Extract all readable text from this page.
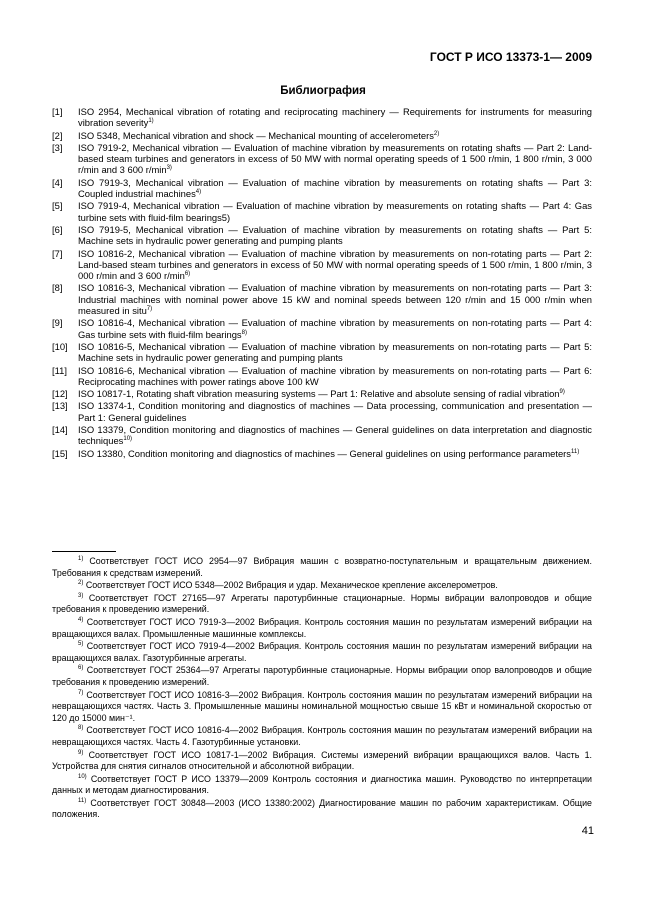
ГОСТ Р ИСО 13373-1— 2009
Библиография
[1]	ISO 2954, Mechanical vibration of rotating and reciprocating machinery — Requirements for instruments for measuring vibration severity$^{1)}$
[2]	ISO 5348, Mechanical vibration and shock — Mechanical mounting of accelerometers$^{2)}$
[3]	ISO 7919-2, Mechanical vibration — Evaluation of machine vibration by measurements on rotating shafts — Part 2: Land-based steam turbines and generators in excess of 50 MW with normal operating speeds of 1 500 r/min, 1 800 r/min, 3 000 r/min and 3 600 $r/\min^{3)}$
[4]	ISO 7919-3, Mechanical vibration — Evaluation of machine vibration by measurements on rotating shafts — Part 3: Coupled industrial machines$^{4)}$
[5]	ISO 7919-4, Mechanical vibration — Evaluation of machine vibration by measurements on rotating shafts — Part 4: Gas turbine sets with fluid-film bearings5)
[6]	ISO 7919-5, Mechanical vibration — Evaluation of machine vibration by measurements on rotating shafts — Part 5: Machine sets in hydraulic power generating and pumping plants
[7]	ISO 10816-2, Mechanical vibration — Evaluation of machine vibration by measurements on non-rotating parts — Part 2: Land-based steam turbines and generators in excess of 50 MW with normal operating speeds of 1 500 r/min, 1 800 r/min, 3 000 r/min and 3 600 $r/\min^{6)}$
[8]	ISO 10816-3, Mechanical vibration — Evaluation of machine vibration by measurements on non-rotating parts — Part 3: Industrial machines with nominal power above 15 kW and nominal speeds between 120 r/min and 15 000 r/min when measured in situ$^{7)}$
[9]	ISO 10816-4, Mechanical vibration — Evaluation of machine vibration by measurements on non-rotating parts — Part 4: Gas turbine sets with fluid-film bearings$^{8)}$
[10]	ISO 10816-5, Mechanical vibration — Evaluation of machine vibration by measurements on non-rotating parts — Part 5: Machine sets in hydraulic power generating and pumping plants
[11]	ISO 10816-6, Mechanical vibration — Evaluation of machine vibration by measurements on non-rotating parts — Part 6: Reciprocating machines with power ratings above 100 kW
[12]	ISO 10817-1, Rotating shaft vibration measuring systems — Part 1: Relative and absolute sensing of radial vibration$^{9)}$
[13]	ISO 13374-1, Condition monitoring and diagnostics of machines — Data processing, communication and presentation — Part 1: General guidelines
[14]	ISO 13379, Condition monitoring and diagnostics of machines — General guidelines on data interpretation and diagnostic techniques$^{10)}$
[15]	ISO 13380, Condition monitoring and diagnostics of machines — General guidelines on using performance parameters$^{11)}$
$^{1)}$ Соответствует ГОСТ ИСО 2954—97 Вибрация машин с возвратно-поступательным и вращательным движением. Требования к средствам измерений.
$^{2)}$ Соответствует ГОСТ ИСО 5348—2002 Вибрация и удар. Механическое крепление акселерометров.
$^{3)}$ Соответствует ГОСТ 27165—97 Агрегаты паротурбинные стационарные. Нормы вибрации валопроводов и общие требования к проведению измерений.
$^{4)}$ Соответствует ГОСТ ИСО 7919-3—2002 Вибрация. Контроль состояния машин по результатам измерений вибрации на вращающихся валах. Промышленные машинные комплексы.
$^{5)}$ Соответствует ГОСТ ИСО 7919-4—2002 Вибрация. Контроль состояния машин по результатам измерений вибрации на вращающихся валах. Газотурбинные агрегаты.
$^{6)}$ Соответствует ГОСТ 25364—97 Агрегаты паротурбинные стационарные. Нормы вибрации опор валопроводов и общие требования к проведению измерений.
$^{7)}$ Соответствует ГОСТ ИСО 10816-3—2002 Вибрация. Контроль состояния машин по результатам измерений вибрации на невращающихся частях. Часть 3. Промышленные машины номинальной мощностью свыше 15 кВт и номинальной скоростью от 120 до 15000 мин⁻¹.
$^{8)}$ Соответствует ГОСТ ИСО 10816-4—2002 Вибрация. Контроль состояния машин по результатам измерений вибрации на невращающихся частях. Часть 4. Газотурбинные установки.
$^{9)}$ Соответствует ГОСТ ИСО 10817-1—2002 Вибрация. Системы измерений вибрации вращающихся валов. Часть 1. Устройства для снятия сигналов относительной и абсолютной вибрации.
$^{10)}$ Соответствует ГОСТ Р ИСО 13379—2009 Контроль состояния и диагностика машин. Руководство по интерпретации данных и методам диагностирования.
$^{11)}$ Соответствует ГОСТ 30848—2003 (ИСО 13380:2002) Диагностирование машин по рабочим характеристикам. Общие положения.
41
